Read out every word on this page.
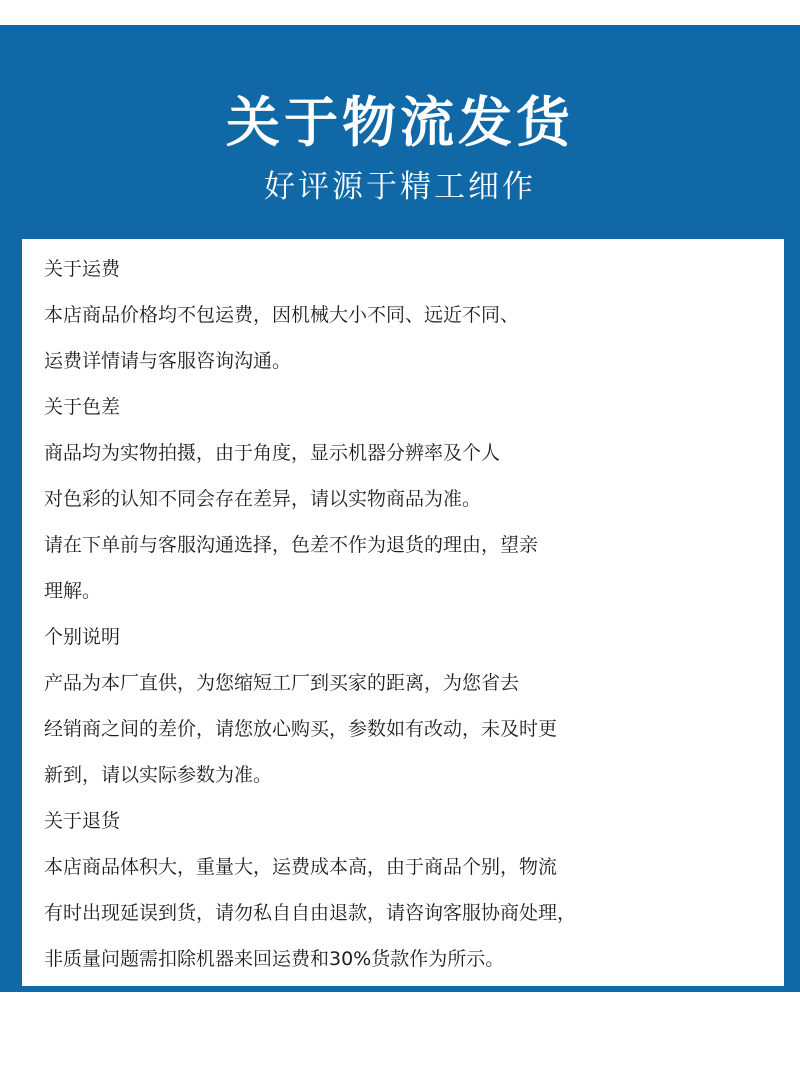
关于物流发货
好评源于精工细作
关于运费
本店商品价格均不包运费，因机械大小不同、远近不同、
运费详情请与客服咨询沟通。
关于色差
商品均为实物拍摄，由于角度，显示机器分辨率及个人
对色彩的认知不同会存在差异，请以实物商品为准。
请在下单前与客服沟通选择，色差不作为退货的理由，望亲
理解。
个别说明
产品为本厂直供，为您缩短工厂到买家的距离，为您省去
经销商之间的差价，请您放心购买，参数如有改动，未及时更
新到，请以实际参数为准。
关于退货
本店商品体积大，重量大，运费成本高，由于商品个别，物流
有时出现延误到货，请勿私自自由退款，请咨询客服协商处理，
非质量问题需扣除机器来回运费和30%货款作为所示。
